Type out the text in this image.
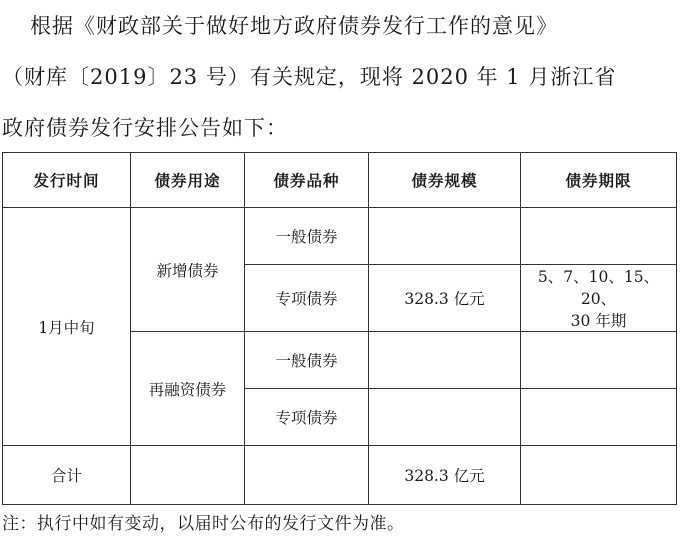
根据《财政部关于做好地方政府债券发行工作的意见》
（财库〔2019〕23 号）有关规定，现将 2020 年 1 月浙江省
政府债券发行安排公告如下：
发行时间	债券用途	债券品种	债券规模	债券期限
1月中旬	新增债券	一般债券		
		专项债券	328.3 亿元	5、7、10、15、20、
30 年期

	再融资债券	一般债券		
		专项债券		
合计			328.3 亿元	
注：执行中如有变动，以届时公布的发行文件为准。
